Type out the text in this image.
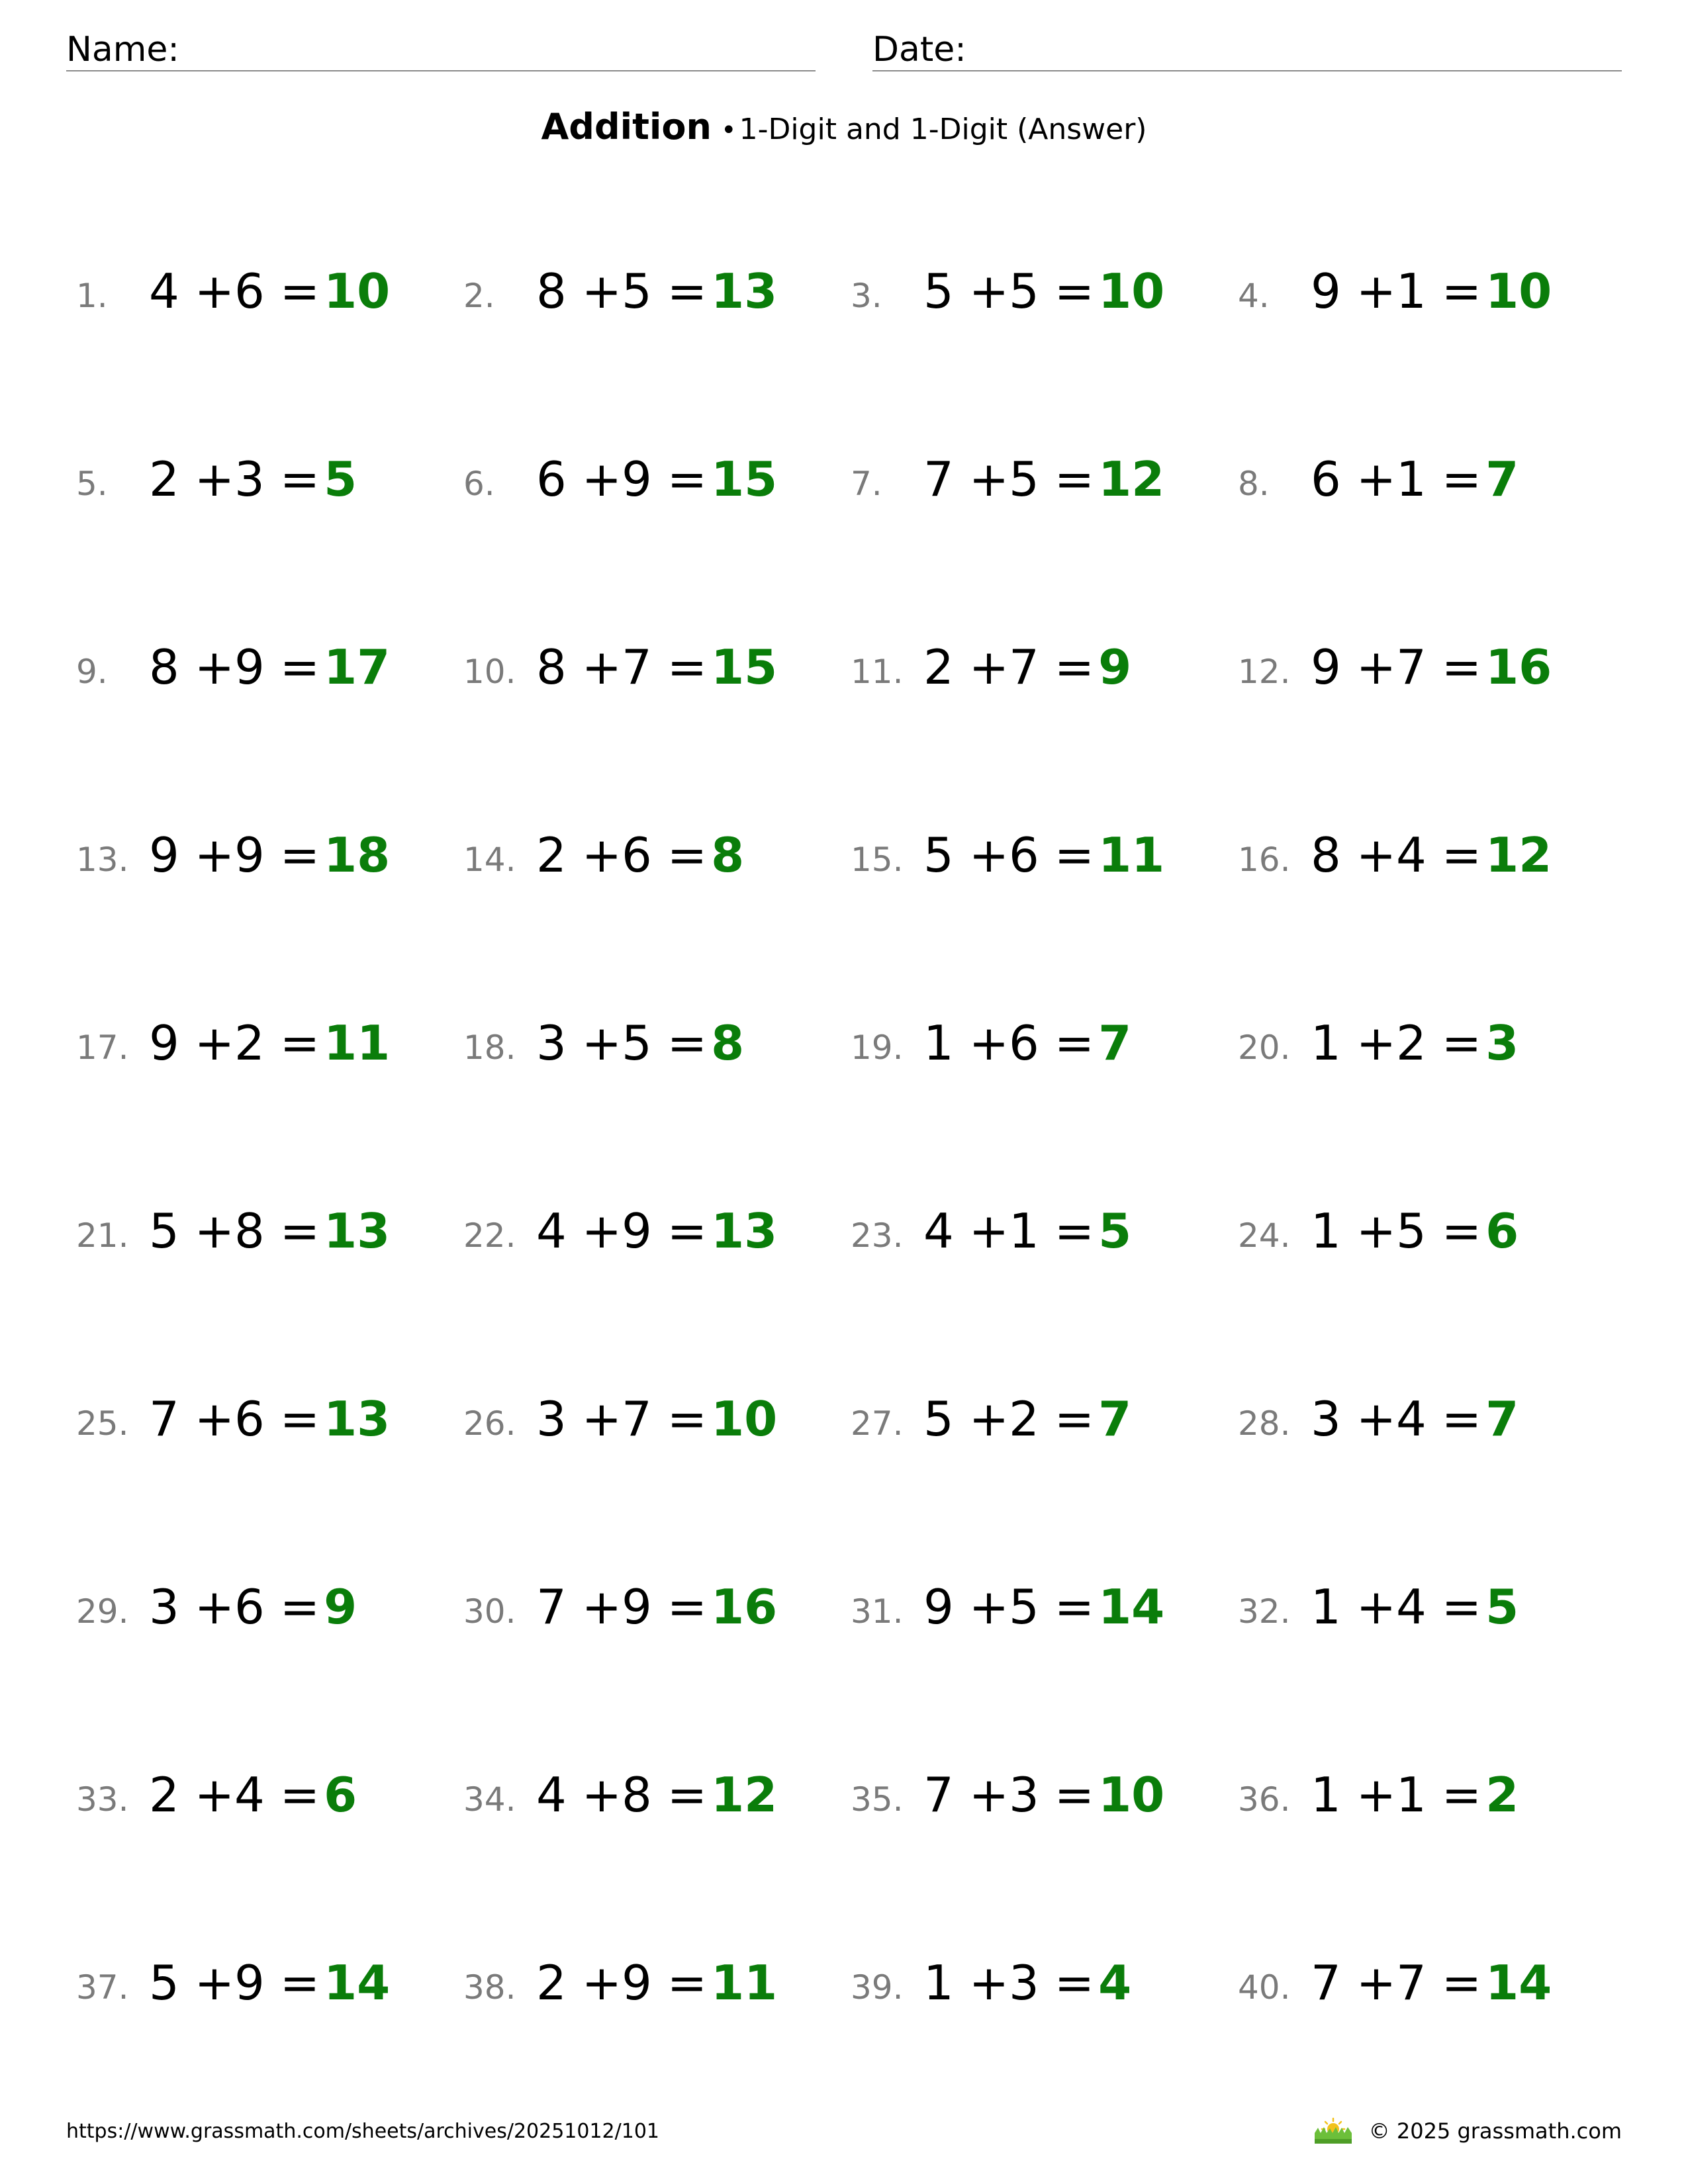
Name:	Date:
Addition •1-Digit and 1-Digit (Answer)
1. 4 +6 =10 2. 8 +5 =13 3. 5 +5 =10 4. 9 +1 =10
5. 2 +3 =5	6. 6 +9 =15 7. 7 +5 =12 8. 6 +1 =7
9. 8 +9 =17 10. 8 +7 =15 11. 2 +7 =9	12. 9 +7 =16
13. 9 +9 =18 14. 2 +6 =8	15. 5 +6 =11 16. 8 +4 =12
17. 9 +2 =11 18. 3 +5 =8	19. 1 +6 =7	20. 1 +2 =3
21. 5 +8 =13 22. 4 +9 =13 23. 4 +1 =5	24. 1 +5 =6
25. 7 +6 =13 26. 3 +7 =10 27. 5 +2 =7	28. 3 +4 =7
29. 3 +6 =9	30. 7 +9 =16 31. 9 +5 =14 32. 1 +4 =5
33. 2 +4 =6	34. 4 +8 =12 35. 7 +3 =10 36. 1 +1 =2
37. 5 +9 =14 38. 2 +9 =11 39. 1 +3 =4	40. 7 +7 =14
https://www.grassmath.com/sheets/archives/20251012/101	© 2025 grassmath.com
